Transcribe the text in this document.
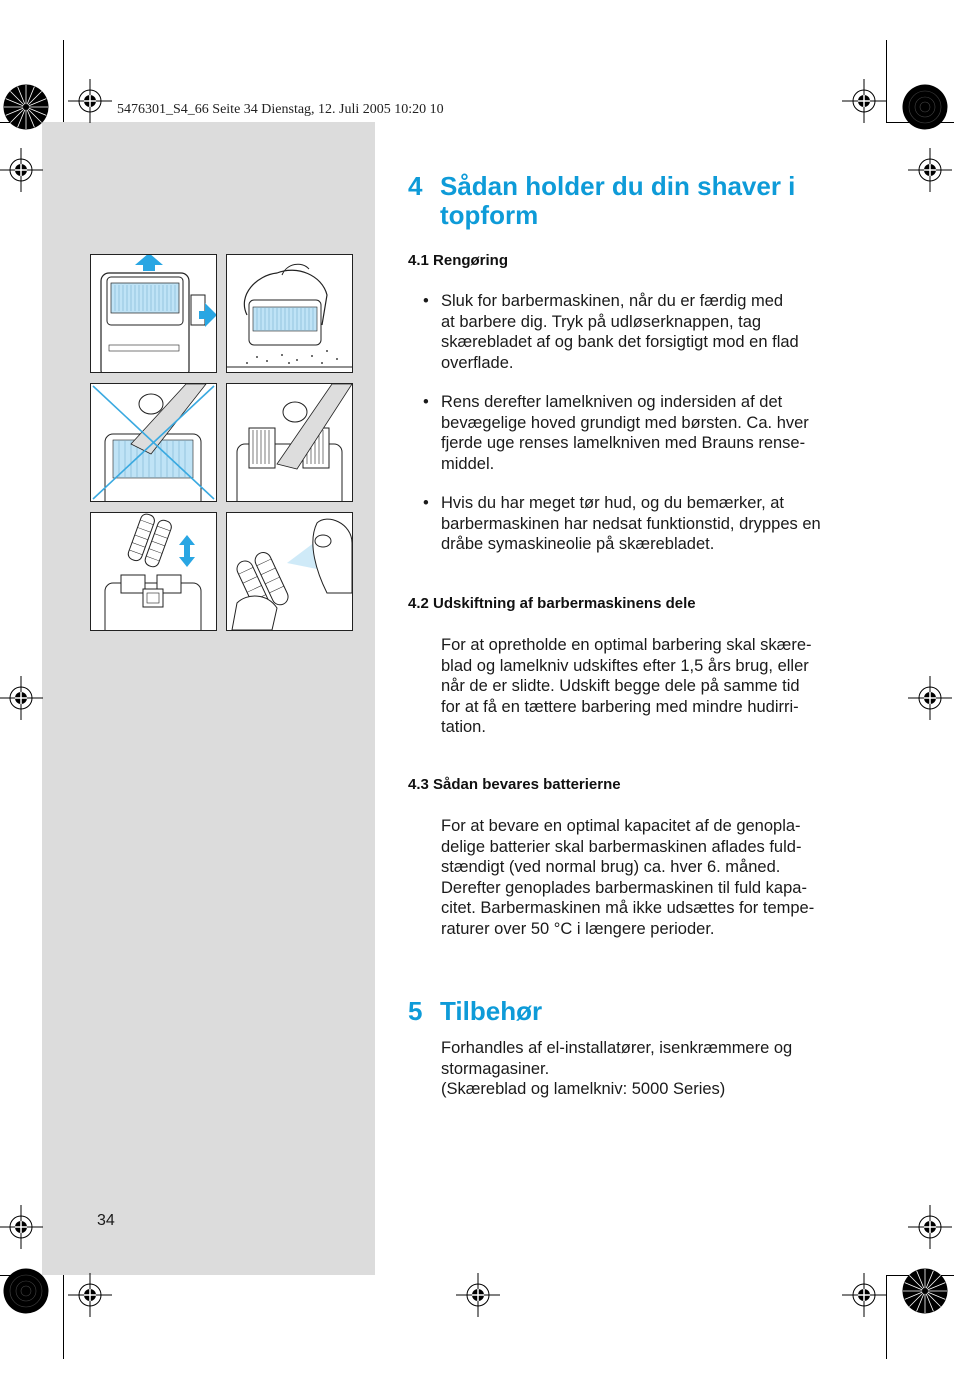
5476301_S4_66 Seite 34 Dienstag, 12. Juli 2005 10:20 10
4 Sådan holder du din shaver i
topform
4.1 Rengøring
• Sluk for barbermaskinen, når du er færdig med
at barbere dig. Tryk på udløserknappen, tag
skærebladet af og bank det forsigtigt mod en flad
overflade.
• Rens derefter lamelkniven og indersiden af det
bevægelige hoved grundigt med børsten. Ca. hver
fjerde uge renses lamelkniven med Brauns rense-
middel.
• Hvis du har meget tør hud, og du bemærker, at
barbermaskinen har nedsat funktionstid, dryppes en
dråbe symaskineolie på skærebladet.
4.2 Udskiftning af barbermaskinens dele
For at opretholde en optimal barbering skal skære-
blad og lamelkniv udskiftes efter 1,5 års brug, eller
når de er slidte. Udskift begge dele på samme tid
for at få en tættere barbering med mindre hudirri-
tation.
4.3 Sådan bevares batterierne
For at bevare en optimal kapacitet af de genopla-
delige batterier skal barbermaskinen aflades fuld-
stændigt (ved normal brug) ca. hver 6. måned.
Derefter genoplades barbermaskinen til fuld kapa-
citet. Barbermaskinen må ikke udsættes for tempe-
raturer over 50 °C i længere perioder.
5 Tilbehør
Forhandles af el-installatører, isenkræmmere og
stormagasiner.
(Skæreblad og lamelkniv: 5000 Series)
34
